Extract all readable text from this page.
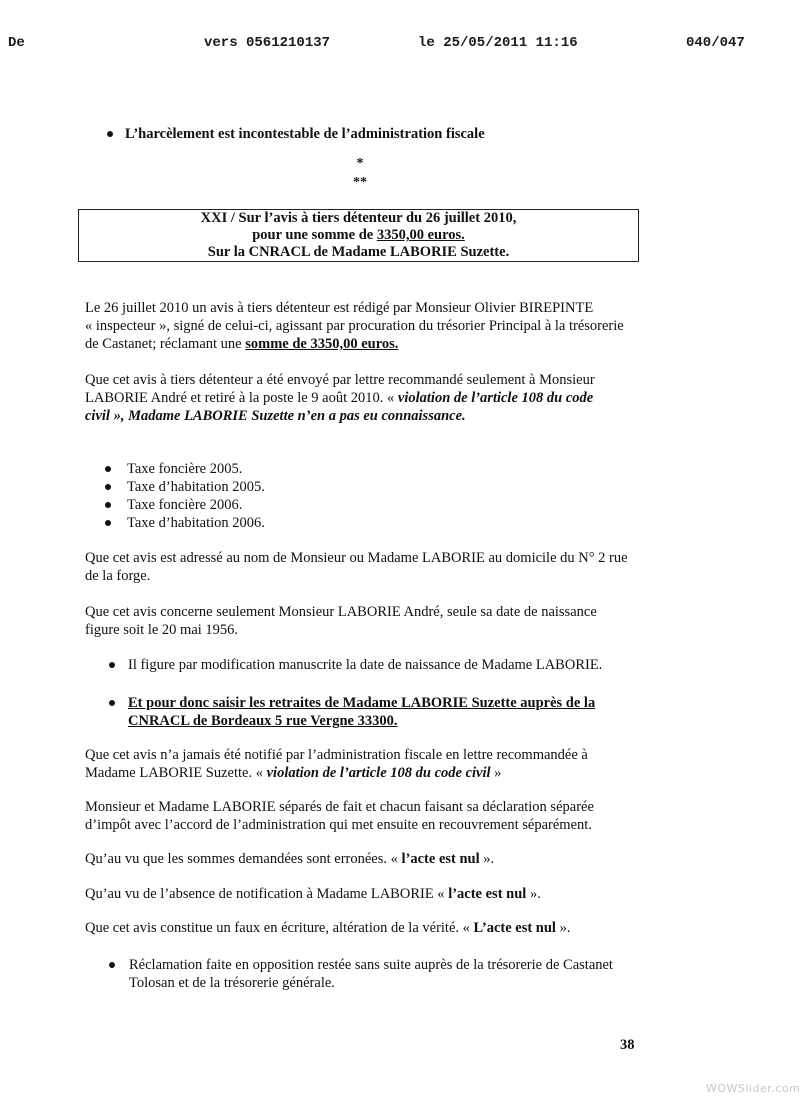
De	vers 0561210137	le 25/05/2011 11:16	040/047
L’harcèlement est incontestable de l’administration fiscale
*
**
XXI / Sur l’avis à tiers détenteur du 26 juillet 2010,
pour une somme de 3350,00 euros.
Sur la CNRACL de Madame LABORIE Suzette.
Le 26 juillet 2010 un avis à tiers détenteur est rédigé par Monsieur Olivier BIREPINTE
« inspecteur », signé de celui-ci, agissant par procuration du trésorier Principal à la trésorerie
de Castanet; réclamant une somme de 3350,00 euros.
Que cet avis à tiers détenteur a été envoyé par lettre recommandé seulement à Monsieur
LABORIE André et retiré à la poste le 9 août 2010. « violation de l’article 108 du code
civil », Madame LABORIE Suzette n’en a pas eu connaissance.
Taxe foncière 2005.
Taxe d’habitation 2005.
Taxe foncière 2006.
Taxe d’habitation 2006.
Que cet avis est adressé au nom de Monsieur ou Madame LABORIE au domicile du N° 2 rue
de la forge.
Que cet avis concerne seulement Monsieur LABORIE André, seule sa date de naissance
figure soit le 20 mai 1956.
Il figure par modification manuscrite la date de naissance de Madame LABORIE.
Et pour donc saisir les retraites de Madame LABORIE Suzette auprès de la
CNRACL de Bordeaux 5 rue Vergne 33300.
Que cet avis n’a jamais été notifié par l’administration fiscale en lettre recommandée à
Madame LABORIE Suzette. « violation de l’article 108 du code civil »
Monsieur et Madame LABORIE séparés de fait et chacun faisant sa déclaration séparée
d’impôt avec l’accord de l’administration qui met ensuite en recouvrement séparément.
Qu’au vu que les sommes demandées sont erronées. « l’acte est nul ».
Qu’au vu de l’absence de notification à Madame LABORIE « l’acte est nul ».
Que cet avis constitue un faux en écriture, altération de la vérité. « L’acte est nul ».
Réclamation faite en opposition restée sans suite auprès de la trésorerie de Castanet
Tolosan et de la trésorerie générale.
38
WOWSlider.com
